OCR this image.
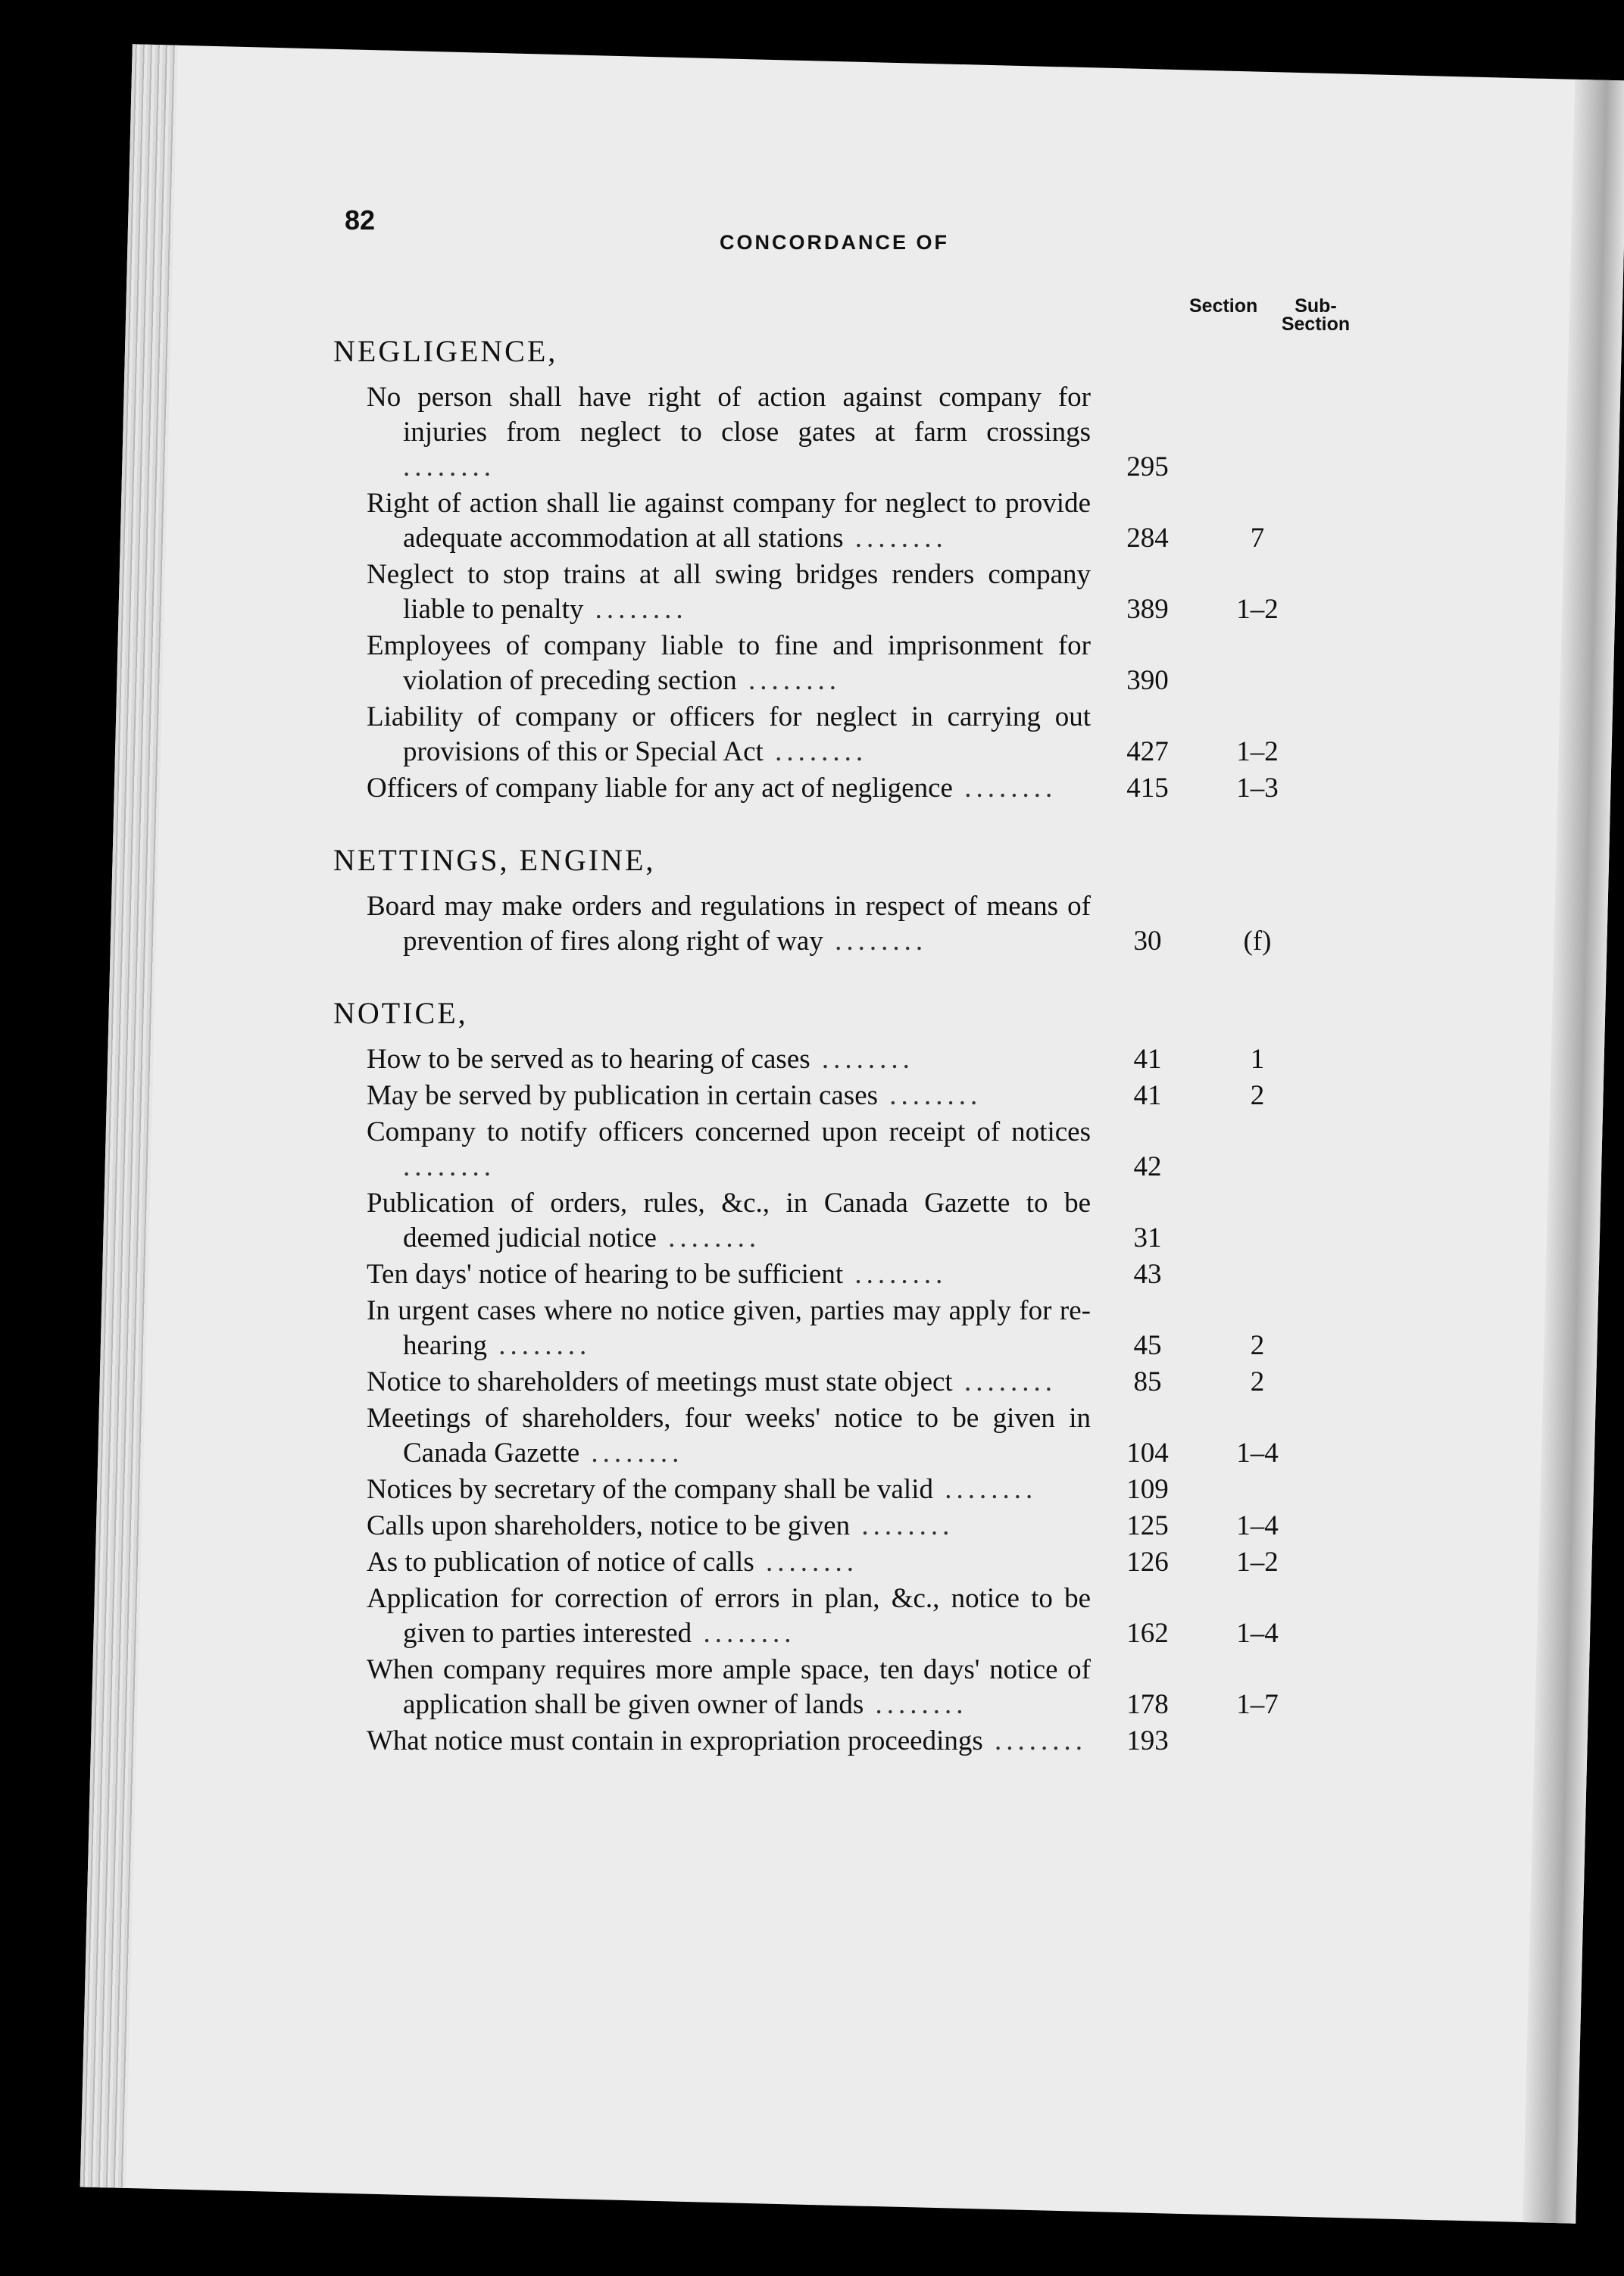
82
CONCORDANCE OF
Section	Sub-
Section
NEGLIGENCE,
No person shall have right of action against company for injuries from neglect to close gates at farm crossings ........	295
Right of action shall lie against company for neglect to provide adequate accommodation at all stations ........	284	7
Neglect to stop trains at all swing bridges renders company liable to penalty ........	389	1–2
Employees of company liable to fine and imprisonment for violation of preceding section ........	390
Liability of company or officers for neglect in carrying out provisions of this or Special Act ........	427	1–2
Officers of company liable for any act of negligence ........	415	1–3
NETTINGS, ENGINE,
Board may make orders and regulations in respect of means of prevention of fires along right of way ........	30	(f)
NOTICE,
How to be served as to hearing of cases ........	41	1
May be served by publication in certain cases ........	41	2
Company to notify officers concerned upon receipt of notices ........	42
Publication of orders, rules, &c., in Canada Gazette to be deemed judicial notice ........	31
Ten days' notice of hearing to be sufficient ........	43
In urgent cases where no notice given, parties may apply for re-hearing ........	45	2
Notice to shareholders of meetings must state object ........	85	2
Meetings of shareholders, four weeks' notice to be given in Canada Gazette ........	104	1–4
Notices by secretary of the company shall be valid ........	109
Calls upon shareholders, notice to be given ........	125	1–4
As to publication of notice of calls ........	126	1–2
Application for correction of errors in plan, &c., notice to be given to parties interested ........	162	1–4
When company requires more ample space, ten days' notice of application shall be given owner of lands ........	178	1–7
What notice must contain in expropriation proceedings ........	193
